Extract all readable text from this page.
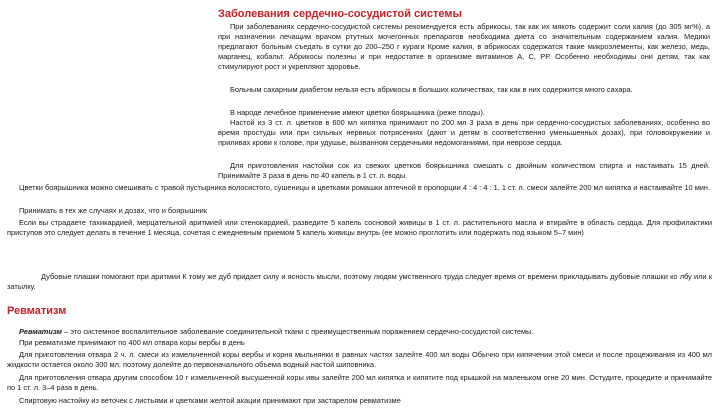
Заболевания сердечно-сосудистой системы

При заболеваниях сердечно-сосудистой системы рекомендуется есть абрикосы, так как их мякоть содержит соли калия (до 305 мг%), а при назначении лечащим врачом ртутных мочегонных препаратов необходима диета со значительным содержанием калия. Медики предлагают больным съедать в сутки до 200–250 г кураги Кроме калия, в абрикосах содержатся такие микроэлементы, как железо, медь, марганец, кобальт. Абрикосы полезны и при недостатке в организме витаминов А, С, РР. Особенно необходимы они детям, так как стимулируют рост и укрепляют здоровье.

Больным сахарным диабетом нельзя есть абрикосы в больших количествах, так как в них содержится много сахара.

В народе лечебное применение имеют цветки боярышника (реже плоды).

Настой из 3 ст. л. цветков в 600 мл кипятка принимают по 200 мл 3 раза в день при сердечно-сосудистых заболеваниях, особенно во время простуды или при сильных нервных потрясениях (дают и детям в соответственно уменьшенных дозах), при головокружении и приливах крови к голове, при удушье, вызванном сердечными недомоганиями, при неврозе сердца.

Для приготовления настойки сок из свежих цветков боярышника смешать с двойным количеством спирта и настаивать 15 дней. Принимайте 3 раза в день по 40 капель в 1 ст. л. воды.

Цветки боярышника можно смешивать с травой пустырника волосистого, сушеницы и цветками ромашки аптечной в пропорции 4 : 4 : 4 : 1. 1 ст. л. смеси залейте 200 мл кипятка и настаивайте 10 мин.

Принимать в тех же случаях и дозах, что и боярышник

Если вы страдаете тахикардией, мерцательной аритмией или стенокардией, разведите 5 капель сосновой живицы в 1 ст. л. растительного масла и втирайте в область сердца. Для профилактики приступов это следует делать в течение 1 месяца, сочетая с ежедневным приемом 5 капель живицы внутрь (ее можно проглотить или подержать под языком 5–7 мин)

Дубовые плашки помогают при аритмии К тому же дуб придает силу и ясность мысли, поэтому людям умственного труда следует время от времени прикладывать дубовые плашки ко лбу или к затылку.

Ревматизм

Ревматизм – это системное воспалительное заболевание соединительной ткани с преимущественным поражением сердечно-сосудистой системы.

При ревматизме принимают по 400 мл отвара коры вербы в день

Для приготовления отвара 2 ч. л. смеси из измельченной коры вербы и корня мыльнянки в равных частях залейте 400 мл воды Обычно при кипячении этой смеси и после процеживания из 400 мл жидкости остается около 300 мл, поэтому долейте до первоначального объема водный настой шиповника.

Для приготовления отвара другим способом 10 г измельченной высушенной коры ивы залейте 200 мл кипятка и кипятите под крышкой на маленьком огне 20 мин. Остудите, процедите и принимайте по 1 ст. л. 3–4 раза в день.

Спиртовую настойку из веточек с листьями и цветками желтой акации принимают при застарелом ревматизме
